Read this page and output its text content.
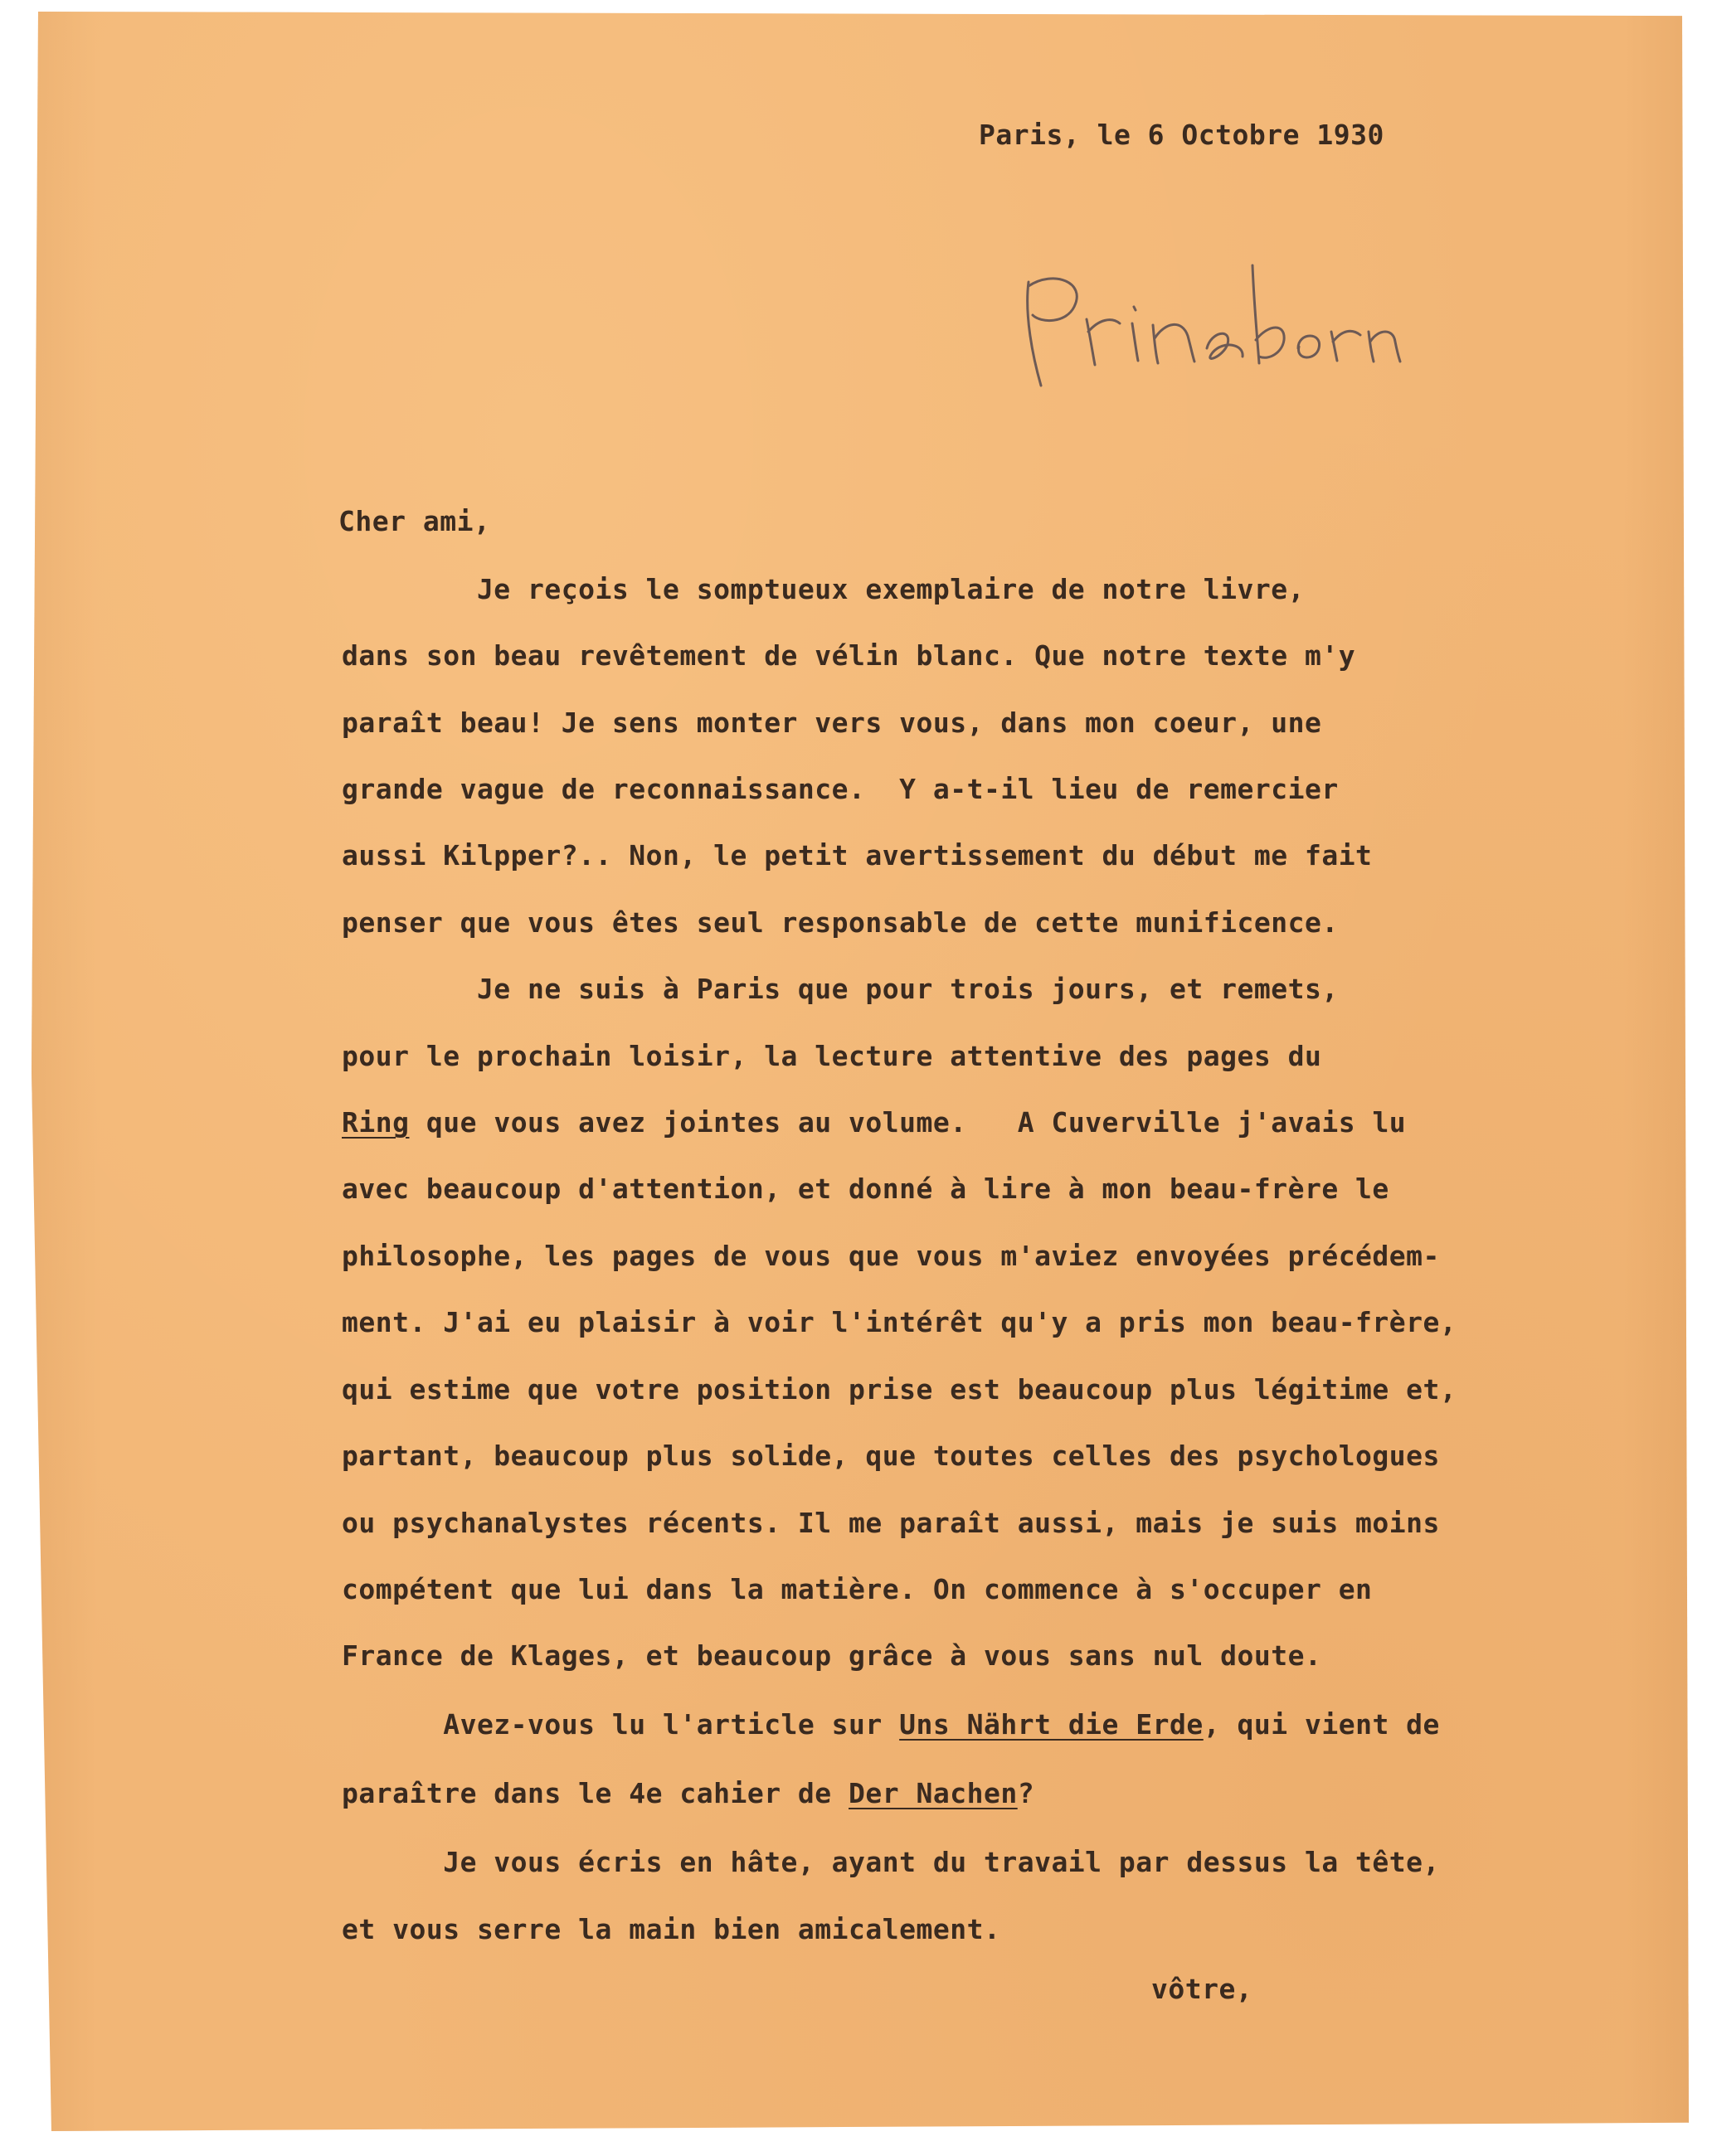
Paris, le 6 Octobre 1930
Cher ami,
Je reçois le somptueux exemplaire de notre livre,
dans son beau revêtement de vélin blanc. Que notre texte m'y
paraît beau! Je sens monter vers vous, dans mon coeur, une
grande vague de reconnaissance.  Y a-t-il lieu de remercier
aussi Kilpper?.. Non, le petit avertissement du début me fait
penser que vous êtes seul responsable de cette munificence.
Je ne suis à Paris que pour trois jours, et remets,
pour le prochain loisir, la lecture attentive des pages du
Ring que vous avez jointes au volume.   A Cuverville j'avais lu
avec beaucoup d'attention, et donné à lire à mon beau-frère le
philosophe, les pages de vous que vous m'aviez envoyées précédem-
ment. J'ai eu plaisir à voir l'intérêt qu'y a pris mon beau-frère,
qui estime que votre position prise est beaucoup plus légitime et,
partant, beaucoup plus solide, que toutes celles des psychologues
ou psychanalystes récents. Il me paraît aussi, mais je suis moins
compétent que lui dans la matière. On commence à s'occuper en
France de Klages, et beaucoup grâce à vous sans nul doute.
Avez-vous lu l'article sur Uns Nährt die Erde, qui vient de
paraître dans le 4e cahier de Der Nachen?
Je vous écris en hâte, ayant du travail par dessus la tête,
et vous serre la main bien amicalement.
vôtre,
